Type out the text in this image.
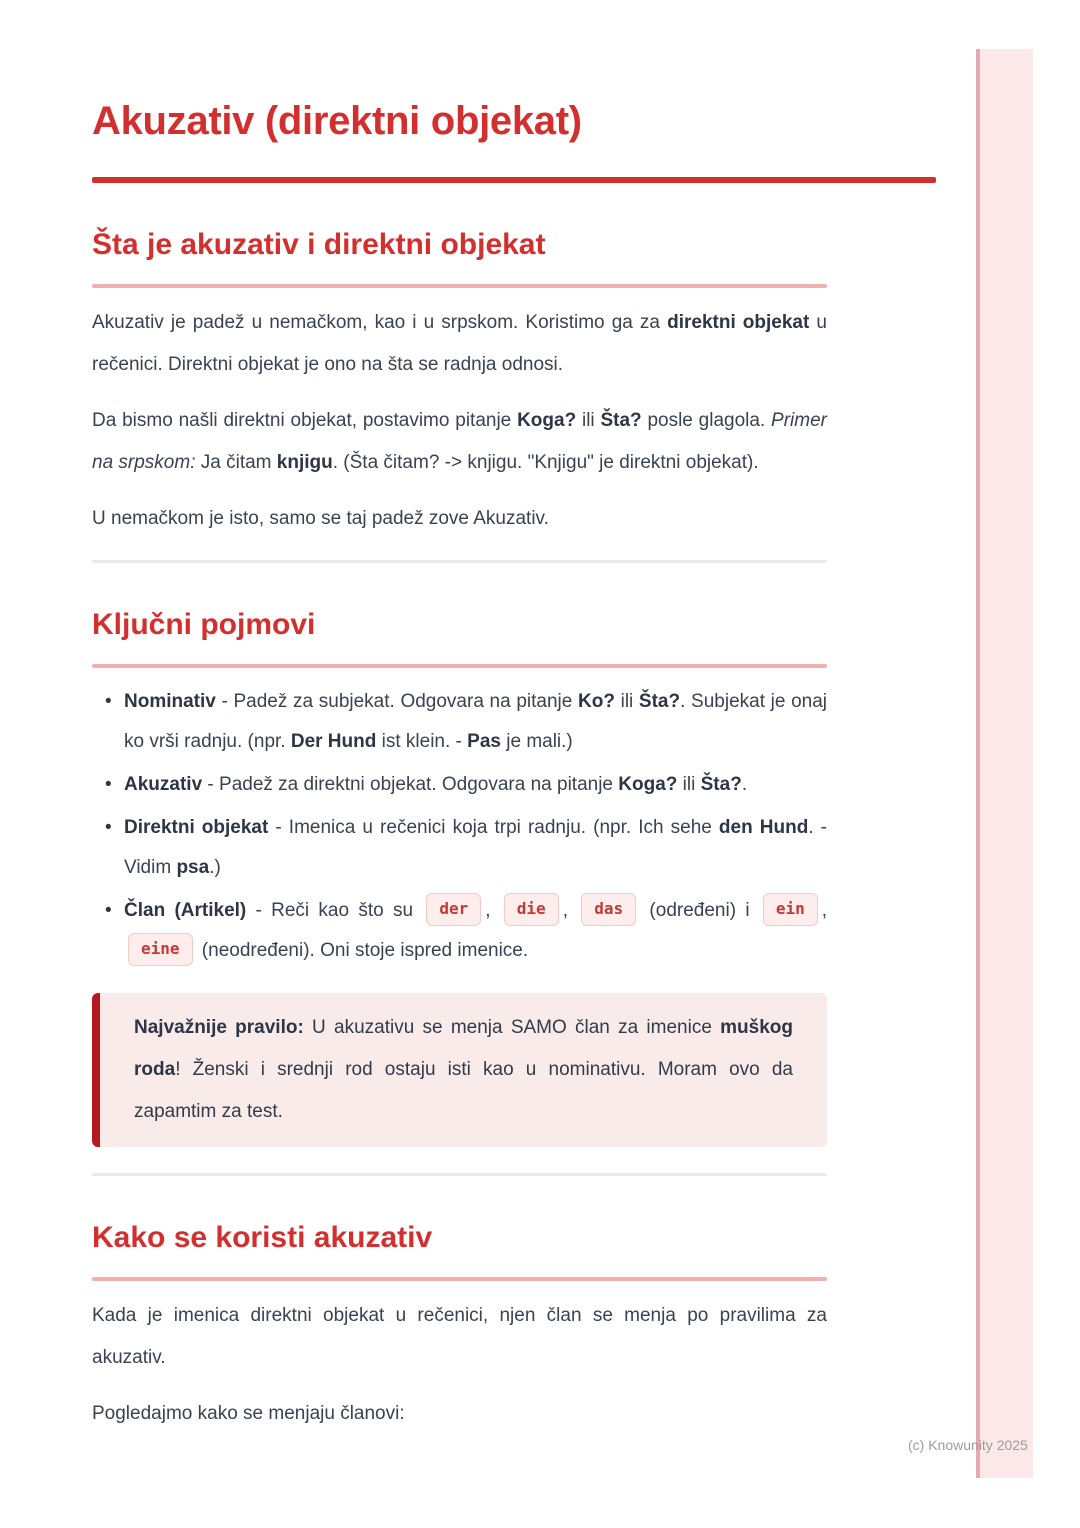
Akuzativ (direktni objekat)
Šta je akuzativ i direktni objekat

Akuzativ je padež u nemačkom, kao i u srpskom. Koristimo ga za direktni objekat u rečenici. Direktni objekat je ono na šta se radnja odnosi.

Da bismo našli direktni objekat, postavimo pitanje Koga? ili Šta? posle glagola. Primer na srpskom: Ja čitam knjigu. (Šta čitam? -> knjigu. "Knjigu" je direktni objekat).

U nemačkom je isto, samo se taj padež zove Akuzativ.

Ključni pojmovi
• Nominativ - Padež za subjekat. Odgovara na pitanje Ko? ili Šta?. Subjekat je onaj ko vrši radnju. (npr. Der Hund ist klein. - Pas je mali.)
• Akuzativ - Padež za direktni objekat. Odgovara na pitanje Koga? ili Šta?.
• Direktni objekat - Imenica u rečenici koja trpi radnju. (npr. Ich sehe den Hund. - Vidim psa.)
• Član (Artikel) - Reči kao što su der , die , das (određeni) i ein , eine (neodređeni). Oni stoje ispred imenice.

Najvažnije pravilo: U akuzativu se menja SAMO član za imenice muškog roda! Ženski i srednji rod ostaju isti kao u nominativu. Moram ovo da zapamtim za test.

Kako se koristi akuzativ

Kada je imenica direktni objekat u rečenici, njen član se menja po pravilima za akuzativ.

Pogledajmo kako se menjaju članovi:

(c) Knowunity 2025
